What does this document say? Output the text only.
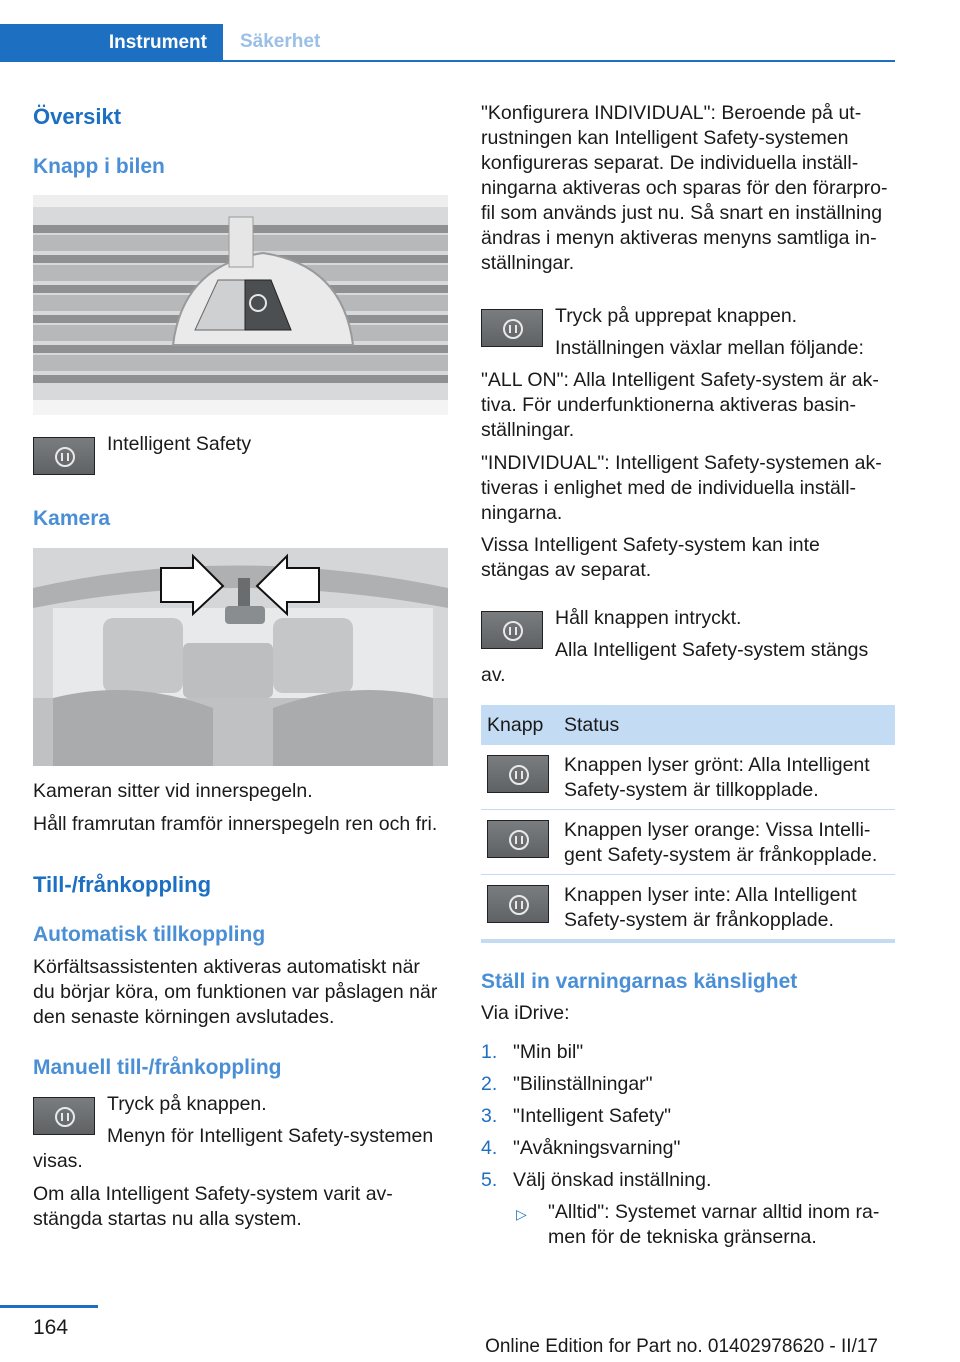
Instrument	Säkerhet
Översikt
Knapp i bilen
Intelligent Safety
Kamera
Kameran sitter vid innerspegeln.
Håll framrutan framför innerspegeln ren och fri.
Till-/frånkoppling
Automatisk tillkoppling

Körfältsassistenten aktiveras automatiskt när

du börjar köra, om funktionen var påslagen när

den senaste körningen avslutades.

Manuell till-/frånkoppling
Tryck på knappen.
Menyn för Intelligent Safety-systemen
visas.

Om alla Intelligent Safety-system varit av-

stängda startas nu alla system.

"Konfigurera INDIVIDUAL": Beroende på ut-

rustningen kan Intelligent Safety-systemen

konfigureras separat. De individuella inställ-

ningarna aktiveras och sparas för den förarpro-

fil som används just nu. Så snart en inställning

ändras i menyn aktiveras menyns samtliga in-

ställningar.

Tryck på upprepat knappen.
Inställningen växlar mellan följande:

"ALL ON": Alla Intelligent Safety-system är ak-

tiva. För underfunktionerna aktiveras basin-

ställningar.

"INDIVIDUAL": Intelligent Safety-systemen ak-

tiveras i enlighet med de individuella inställ-

ningarna.

Vissa Intelligent Safety-system kan inte

stängas av separat.

Håll knappen intryckt.
Alla Intelligent Safety-system stängs
av.
Knapp Status

Knappen lyser grönt: Alla Intelligent

Safety-system är tillkopplade.

Knappen lyser orange: Vissa Intelli-

gent Safety-system är frånkopplade.

Knappen lyser inte: Alla Intelligent

Safety-system är frånkopplade.

Ställ in varningarnas känslighet
Via iDrive:
1. "Min bil"
2. "Bilinställningar"
3. "Intelligent Safety"
4. "Avåkningsvarning"
5. Välj önskad inställning.
▷ "Alltid": Systemet varnar alltid inom ra-

men för de tekniska gränserna.

164
Online Edition for Part no. 01402978620 - II/17
